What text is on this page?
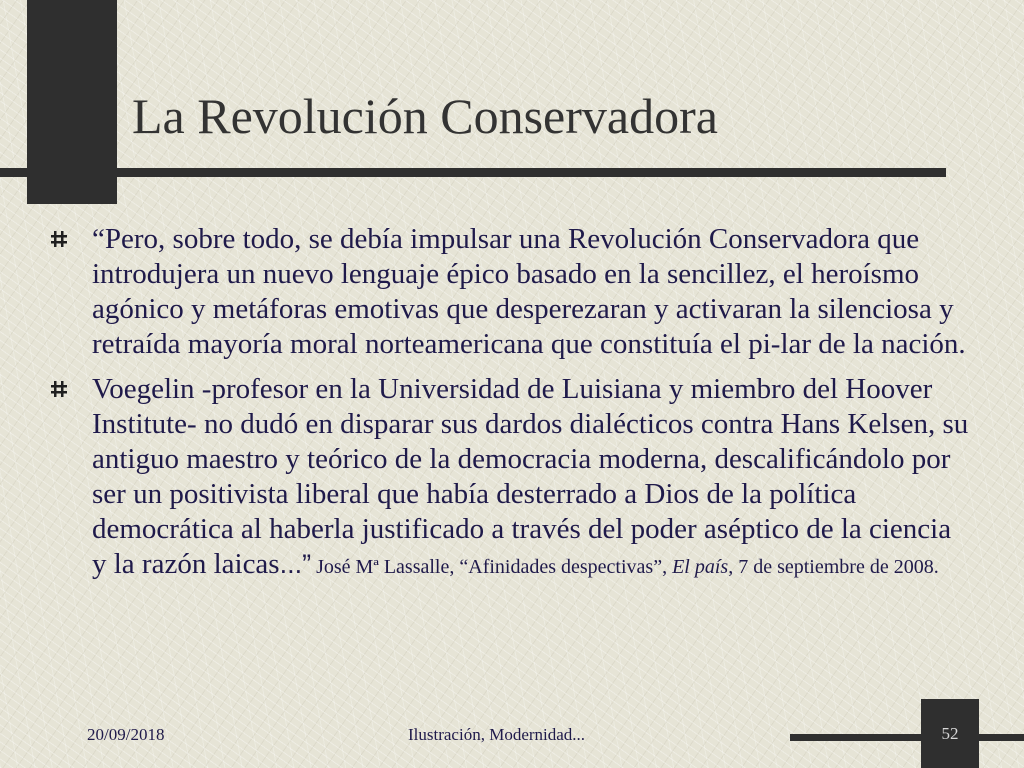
La Revolución Conservadora
“Pero, sobre todo, se debía impulsar una Revolución Conservadora que introdujera un nuevo lenguaje épico basado en la sencillez, el heroísmo agónico y metáforas emotivas que desperezaran y activaran la silenciosa y retraída mayoría moral norteamericana que constituía el pi-lar de la nación.
Voegelin -profesor en la Universidad de Luisiana y miembro del Hoover Institute- no dudó en disparar sus dardos dialécticos contra Hans Kelsen, su antiguo maestro y teórico de la democracia moderna, descalificándolo por ser un positivista liberal que había desterrado a Dios de la política democrática al haberla justificado a través del poder aséptico de la ciencia y la razón laicas...” José Mª Lassalle, “Afinidades despectivas”, El país, 7 de septiembre de 2008.
20/09/2018	Ilustración, Modernidad...	52
